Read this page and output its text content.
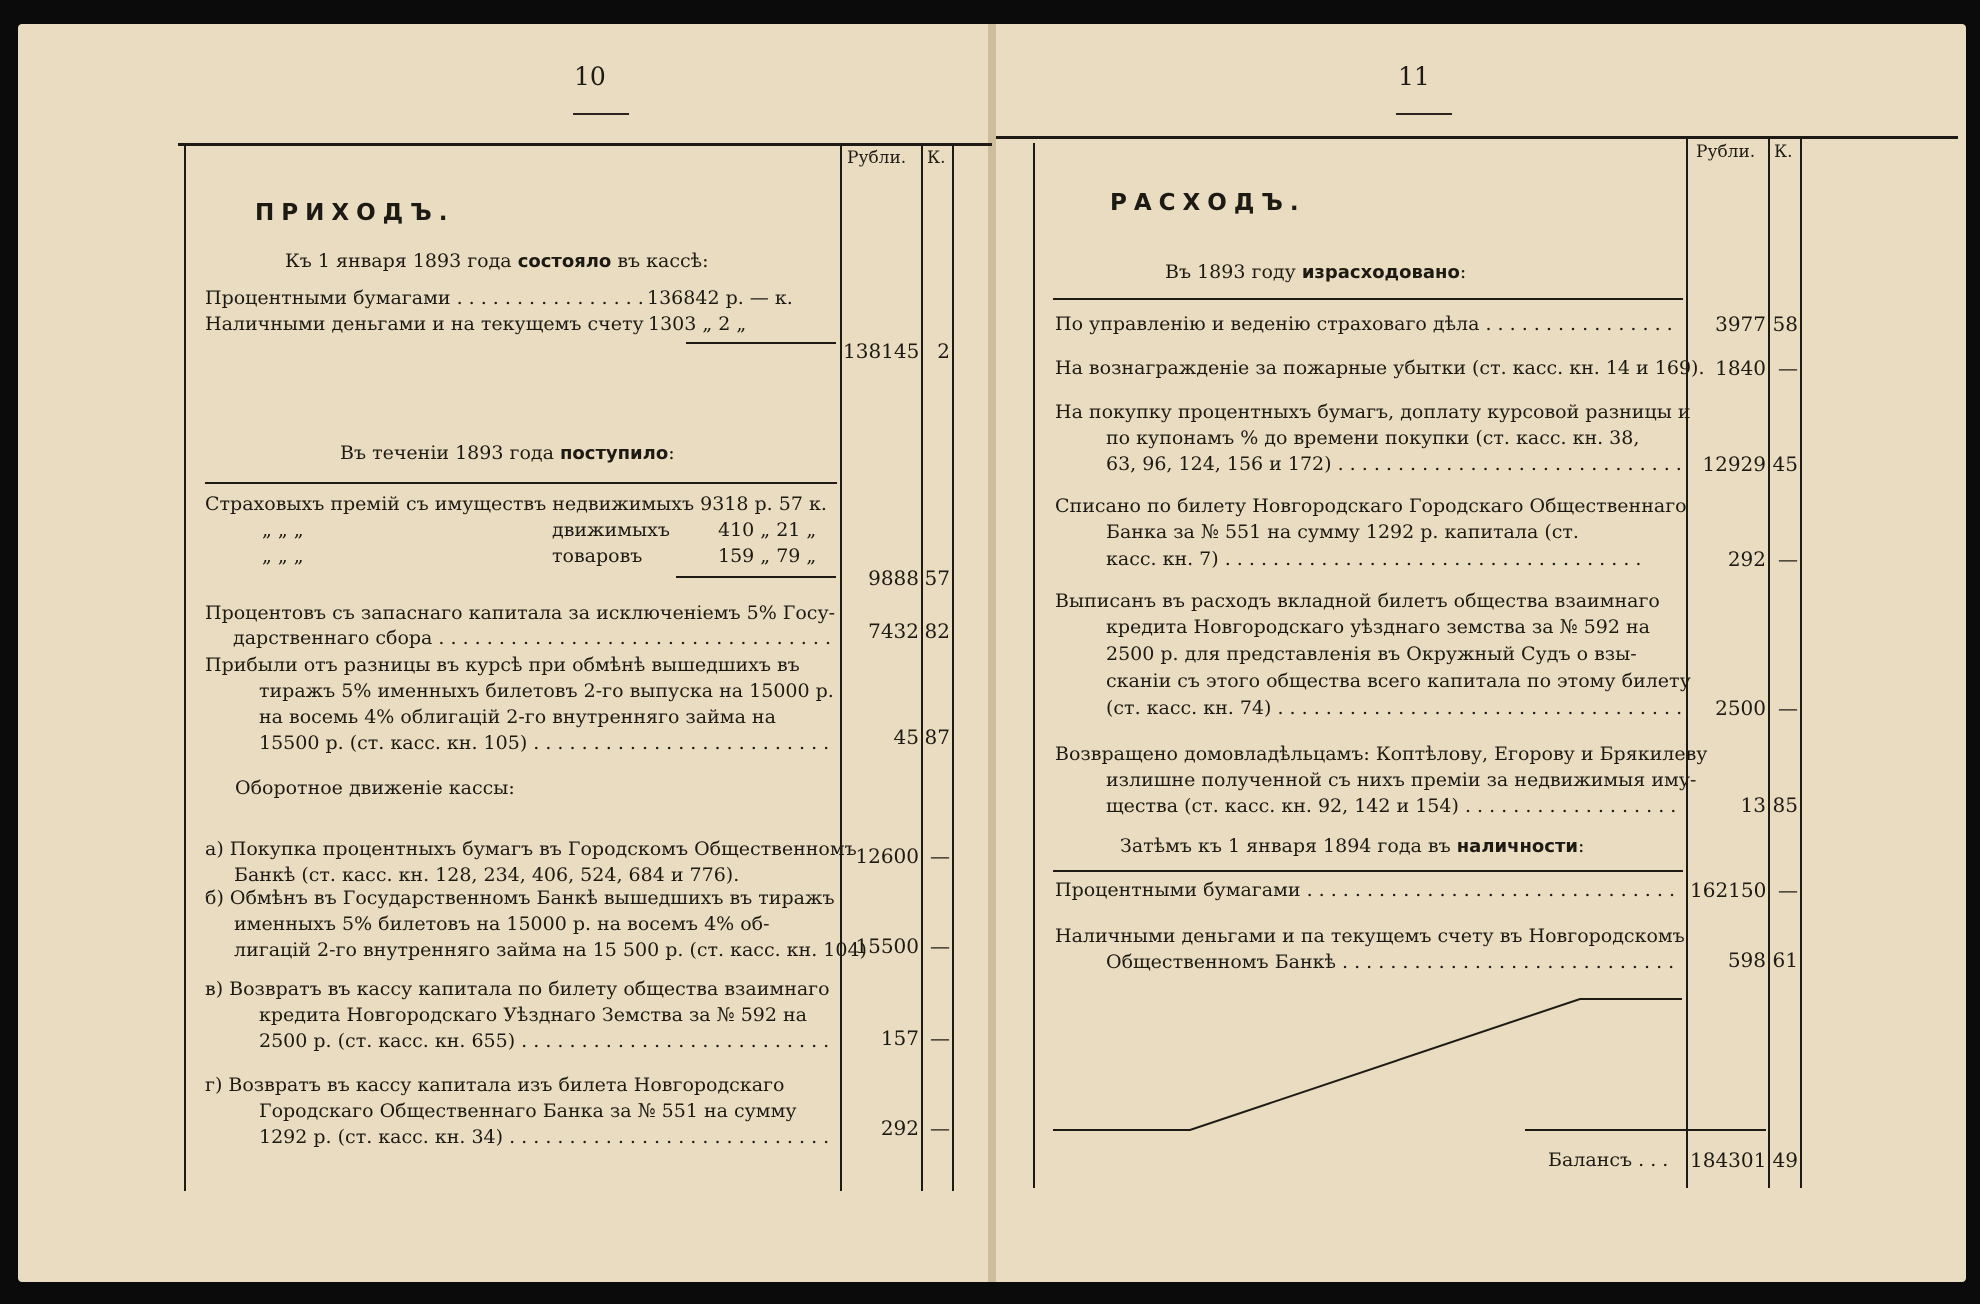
10
Рубли. К.
ПРИХОДЪ.
Къ 1 января 1893 года состояло въ кассѣ:
Процентными бумагами . . .	136842 р. — к.
Наличными деньгами и на текущемъ счету 1303 „ 2 „
138145 2
Въ теченіи 1893 года поступило:
Страховыхъ премій съ имуществъ недвижимыхъ 9318 р. 57 к.
„ „ „	движимыхъ	410 „ 21 „
„ „ „	товаровъ	159 „ 79 „
9888 57
Процентовъ съ запаснаго капитала за исключеніемъ 5% Госу-
дарственнаго сбора . . .	7432 82
Прибыли отъ разницы въ курсѣ при обмѣнѣ вышедшихъ въ
тиражъ 5% именныхъ билетовъ 2-го выпуска на 15000 р.
на восемь 4% облигацій 2-го внутренняго займа на
15500 р. (ст. касс. кн. 105) . . .	45 87
Оборотное движеніе кассы:
а) Покупка процентныхъ бумагъ въ Городскомъ Общественномъ
Банкѣ (ст. касс. кн. 128, 234, 406, 524, 684 и 776).
12600 —
б) Обмѣнъ въ Государственномъ Банкѣ вышедшихъ въ тиражъ
именныхъ 5% билетовъ на 15000 р. на восемъ 4% об-
лигацій 2-го внутренняго займа на 15 500 р. (ст. касс. кн. 104)
15500 —
в) Возвратъ въ кассу капитала по билету общества взаимнаго
кредита Новгородскаго Уѣзднаго Земства за № 592 на
2500 р. (ст. касс. кн. 655) . . .	157 —
г) Возвратъ въ кассу капитала изъ билета Новгородскаго
Городскаго Общественнаго Банка за № 551 на сумму
1292 р. (ст. касс. кн. 34) . . .	292 —
11
Рубли. К.
РАСХОДЪ.
Въ 1893 году израсходовано:
По управленію и веденію страховаго дѣла . . .	3977 58
На вознагражденіе за пожарные убытки (ст. касс. кн. 14 и 169). 1840 —
На покупку процентныхъ бумагъ, доплату курсовой разницы и
по купонамъ % до времени покупки (ст. касс. кн. 38,
63, 96, 124, 156 и 172) . . .	12929 45
Списано по билету Новгородскаго Городскаго Общественнаго
Банка за № 551 на сумму 1292 р. капитала (ст.
касс. кн. 7) . . .	292 —
Выписанъ въ расходъ вкладной билетъ общества взаимнаго
кредита Новгородскаго уѣзднаго земства за № 592 на
2500 р. для представленія въ Окружный Судъ о взы-
сканіи съ этого общества всего капитала по этому билету
(ст. касс. кн. 74) . . .	2500 —
Возвращено домовладѣльцамъ: Коптѣлову, Егорову и Брякилеву
излишне полученной съ нихъ преміи за недвижимыя иму-
щества (ст. касс. кн. 92, 142 и 154) . . .	13 85
Затѣмъ къ 1 января 1894 года въ наличности:
Процентными бумагами . . .	162150 —
Наличными деньгами и па текущемъ счету въ Новгородскомъ
Общественномъ Банкѣ . . .	598 61
Балансъ . . . 184301 49
